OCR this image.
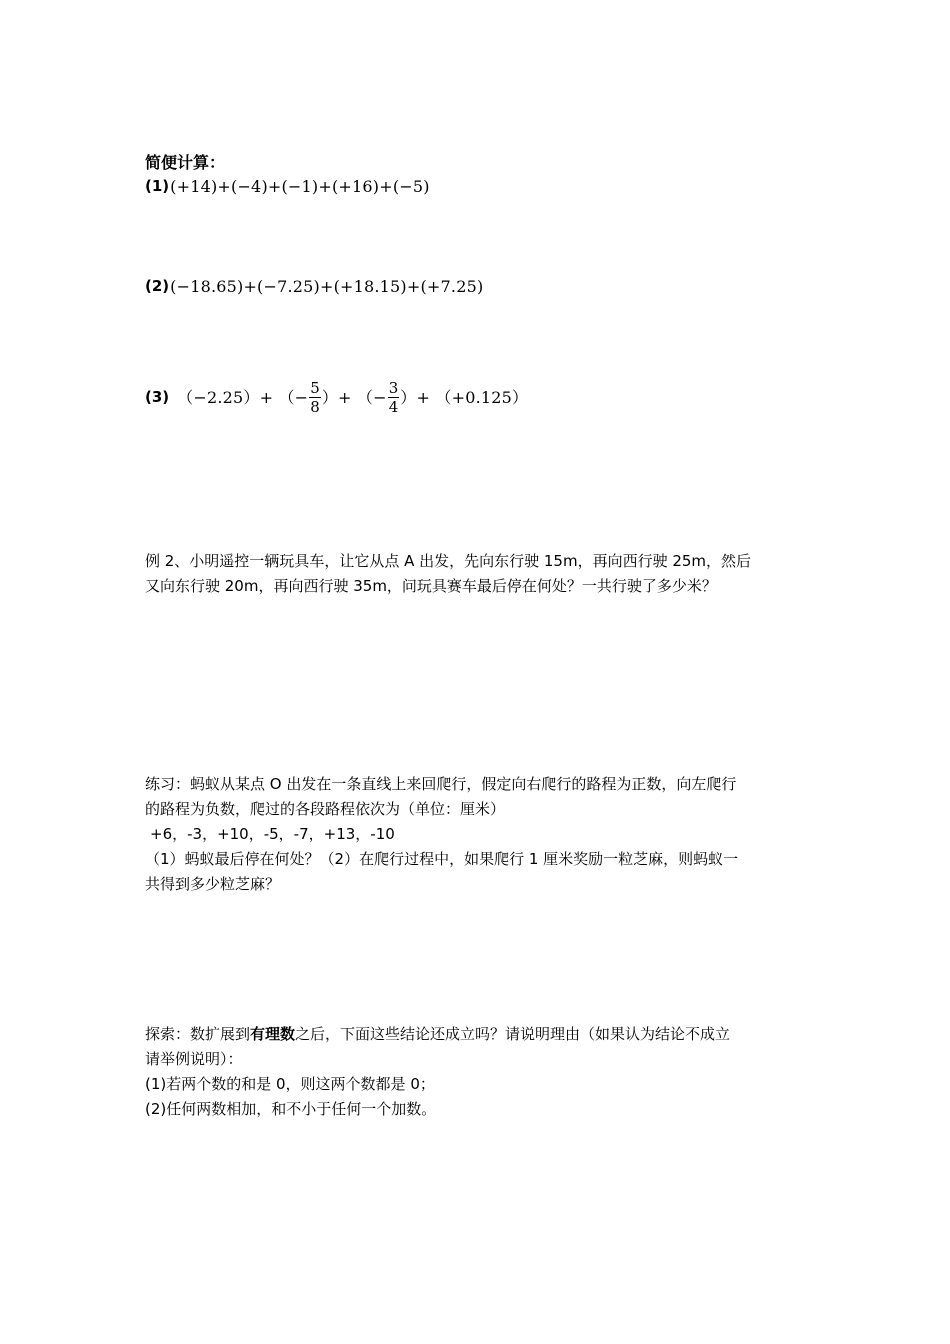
简便计算：
(1) (+14)+(−4)+(−1)+(+16)+(−5)
(2) (−18.65)+(−7.25)+(+18.15)+(+7.25)
(3) （−2.25）+ （− $\frac{5}{8}$ ）+ （− $\frac{3}{4}$ ）+ （+0.125）
例 2、小明遥控一辆玩具车，让它从点 A 出发，先向东行驶 15m，再向西行驶 25m，然后
又向东行驶 20m，再向西行驶 35m，问玩具赛车最后停在何处？一共行驶了多少米？
练习：蚂蚁从某点 O 出发在一条直线上来回爬行，假定向右爬行的路程为正数，向左爬行
的路程为负数，爬过的各段路程依次为（单位：厘米）
+6，-3，+10，-5，-7，+13，-10
（1）蚂蚁最后停在何处？（2）在爬行过程中，如果爬行 1 厘米奖励一粒芝麻，则蚂蚁一
共得到多少粒芝麻？
探索：数扩展到有理数之后，下面这些结论还成立吗？请说明理由（如果认为结论不成立
请举例说明）：
(1)若两个数的和是 0，则这两个数都是 0；
(2)任何两数相加，和不小于任何一个加数。
